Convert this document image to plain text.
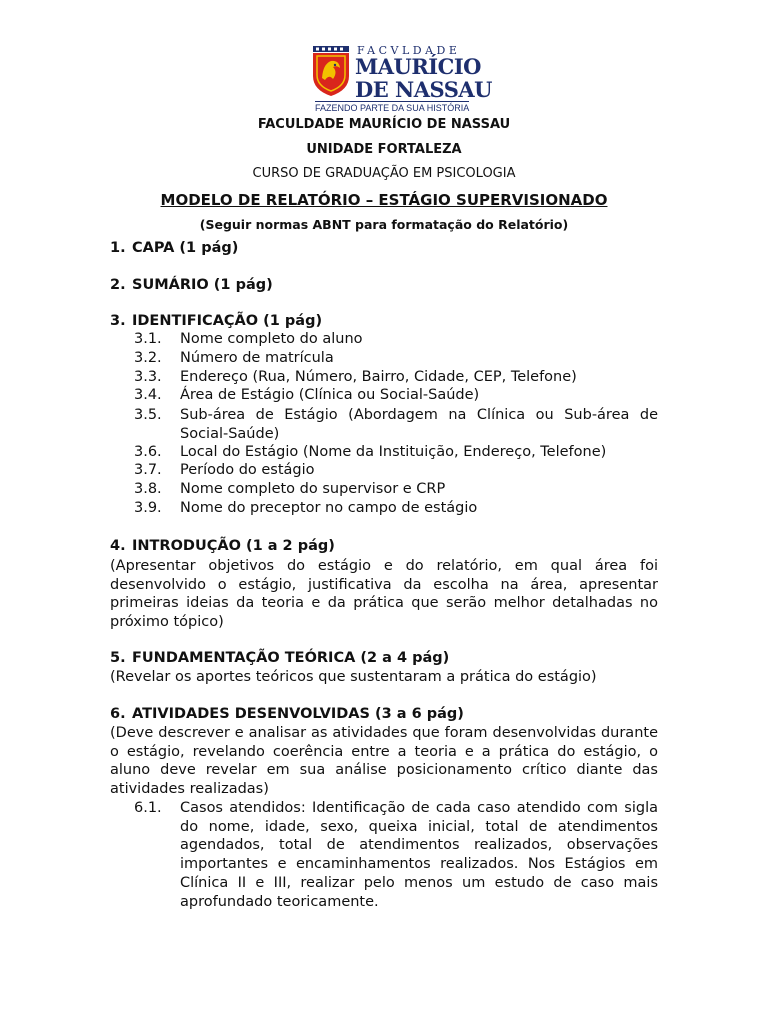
FACVLDADE
MAURÍCIO
DE NASSAU
FAZENDO PARTE DA SUA HISTÓRIA
FACULDADE MAURÍCIO DE NASSAU
UNIDADE FORTALEZA
CURSO DE GRADUAÇÃO EM PSICOLOGIA
MODELO DE RELATÓRIO – ESTÁGIO SUPERVISIONADO
(Seguir normas ABNT para formatação do Relatório)
1. CAPA (1 pág)
2. SUMÁRIO (1 pág)
3. IDENTIFICAÇÃO (1 pág)
3.1. Nome completo do aluno
3.2. Número de matrícula
3.3. Endereço (Rua, Número, Bairro, Cidade, CEP, Telefone)
3.4. Área de Estágio (Clínica ou Social-Saúde)
3.5.	Sub-área de Estágio (Abordagem na Clínica ou Sub-área de Social-Saúde)
3.6. Local do Estágio (Nome da Instituição, Endereço, Telefone)
3.7. Período do estágio
3.8. Nome completo do supervisor e CRP
3.9. Nome do preceptor no campo de estágio
4. INTRODUÇÃO (1 a 2 pág)
(Apresentar objetivos do estágio e do relatório, em qual área foi desenvolvido o estágio, justificativa da escolha na área, apresentar primeiras ideias da teoria e da prática que serão melhor detalhadas no próximo tópico)
5. FUNDAMENTAÇÃO TEÓRICA (2 a 4 pág)
(Revelar os aportes teóricos que sustentaram a prática do estágio)
6. ATIVIDADES DESENVOLVIDAS (3 a 6 pág)
(Deve descrever e analisar as atividades que foram desenvolvidas durante o estágio, revelando coerência entre a teoria e a prática do estágio, o aluno deve revelar em sua análise posicionamento crítico diante das atividades realizadas)
6.1.	Casos atendidos: Identificação de cada caso atendido com sigla do nome, idade, sexo, queixa inicial, total de atendimentos agendados, total de atendimentos realizados, observações importantes e encaminhamentos realizados. Nos Estágios em Clínica II e III, realizar pelo menos um estudo de caso mais aprofundado teoricamente.
